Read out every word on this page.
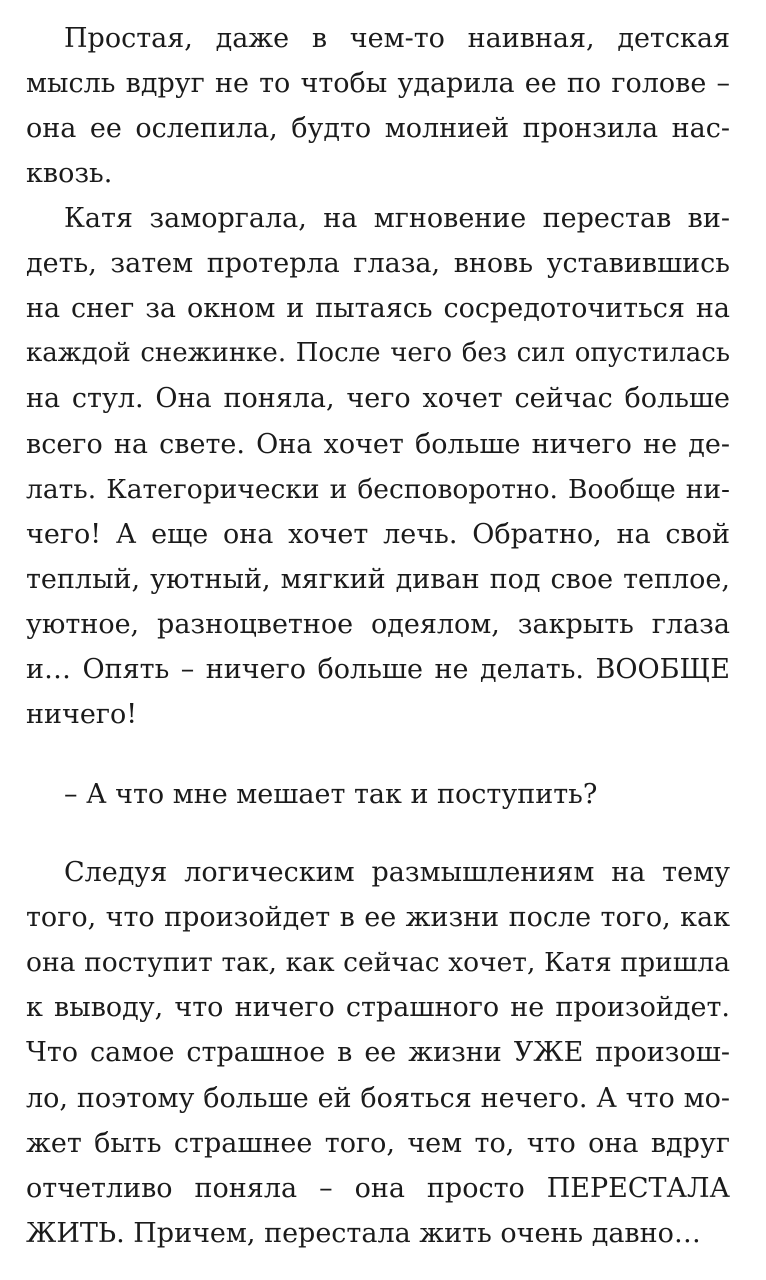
Простая, даже в чем-то наивная, детская
мысль вдруг не то чтобы ударила ее по голове –
она ее ослепила, будто молнией пронзила нас-
квозь.
Катя заморгала, на мгновение перестав ви-
деть, затем протерла глаза, вновь уставившись
на снег за окном и пытаясь сосредоточиться на
каждой снежинке. После чего без сил опустилась
на стул. Она поняла, чего хочет сейчас больше
всего на свете. Она хочет больше ничего не де-
лать. Категорически и бесповоротно. Вообще ни-
чего! А еще она хочет лечь. Обратно, на свой
теплый, уютный, мягкий диван под свое теплое,
уютное, разноцветное одеялом, закрыть глаза
и… Опять – ничего больше не делать. ВООБЩЕ
ничего!
– А что мне мешает так и поступить?
Следуя логическим размышлениям на тему
того, что произойдет в ее жизни после того, как
она поступит так, как сейчас хочет, Катя пришла
к выводу, что ничего страшного не произойдет.
Что самое страшное в ее жизни УЖЕ произош-
ло, поэтому больше ей бояться нечего. А что мо-
жет быть страшнее того, чем то, что она вдруг
отчетливо поняла – она просто ПЕРЕСТАЛА
ЖИТЬ. Причем, перестала жить очень давно…
